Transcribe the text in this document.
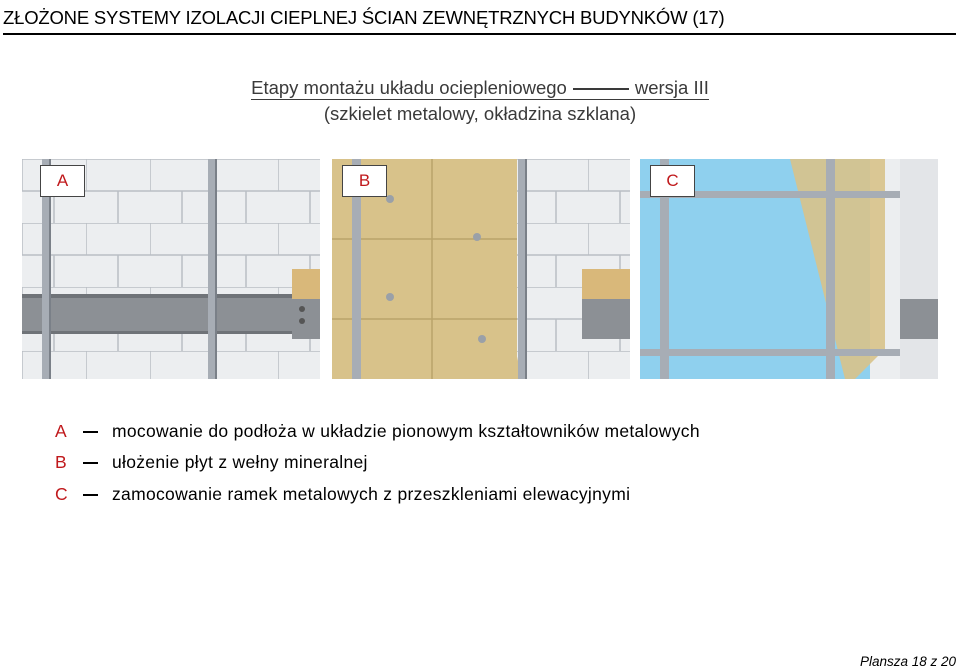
ZŁOŻONE SYSTEMY IZOLACJI CIEPLNEJ ŚCIAN ZEWNĘTRZNYCH BUDYNKÓW (17)
Etapy montażu układu ociepleniowego	wersja III
(szkielet metalowy, okładzina szklana)
A	B	C
A	mocowanie do podłoża w układzie pionowym kształtowników metalowych
B	ułożenie płyt z wełny mineralnej
C	zamocowanie ramek metalowych z przeszkleniami elewacyjnymi
Plansza 18 z 20
